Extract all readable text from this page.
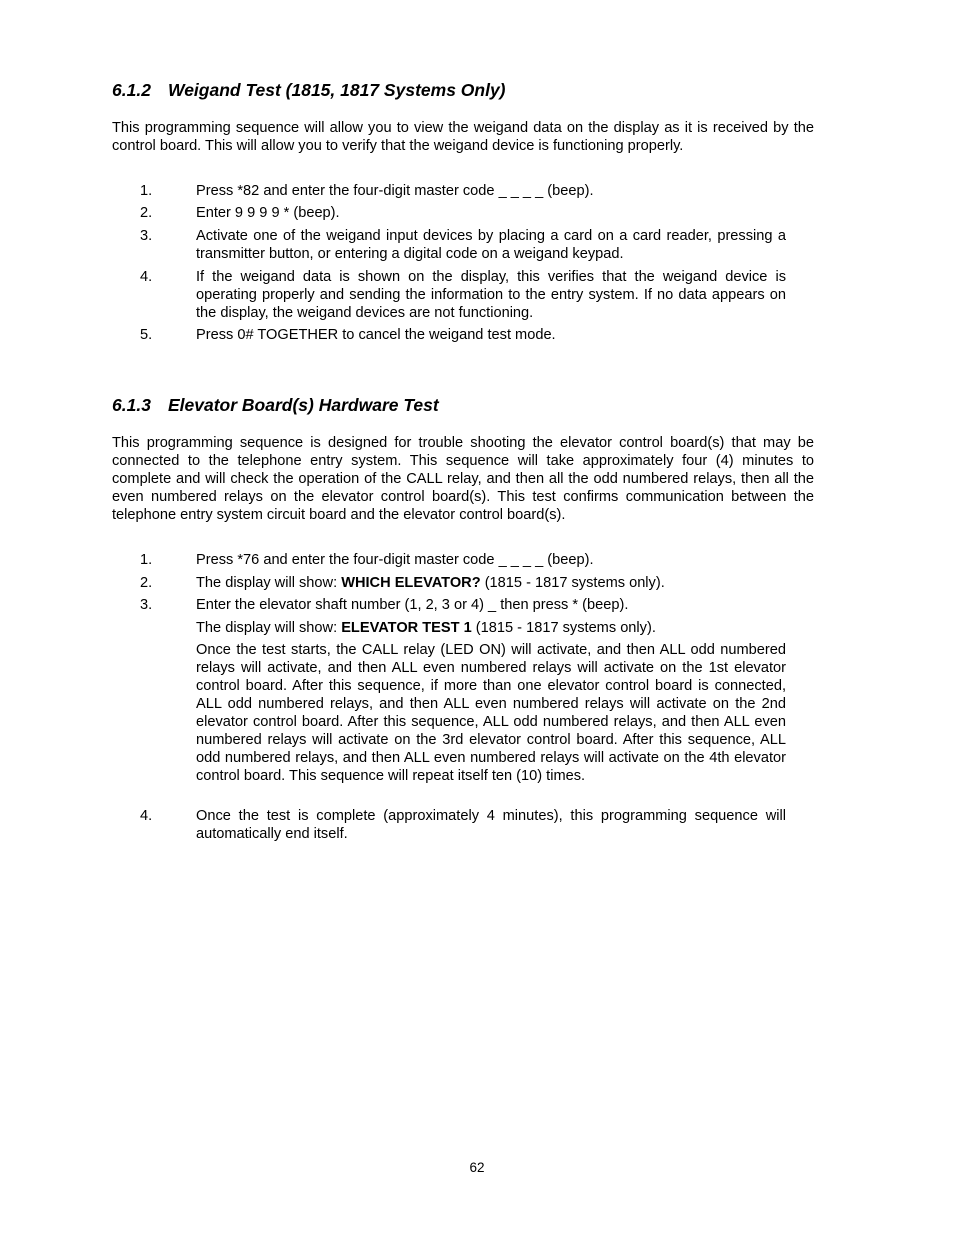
6.1.2 Weigand Test (1815, 1817 Systems Only)

This programming sequence will allow you to view the weigand data on the display as it is received by the control board. This will allow you to verify that the weigand device is functioning properly.

1.	Press *82 and enter the four-digit master code _ _ _ _ (beep).
2.	Enter 9 9 9 9 * (beep).
3.	Activate one of the weigand input devices by placing a card on a card reader, pressing a transmitter button, or entering a digital code on a weigand keypad.
4.	If the weigand data is shown on the display, this verifies that the weigand device is operating properly and sending the information to the entry system. If no data appears on the display, the weigand devices are not functioning.
5.	Press 0# TOGETHER to cancel the weigand test mode.
6.1.3 Elevator Board(s) Hardware Test

This programming sequence is designed for trouble shooting the elevator control board(s) that may be connected to the telephone entry system. This sequence will take approximately four (4) minutes to complete and will check the operation of the CALL relay, and then all the odd numbered relays, then all the even numbered relays on the elevator control board(s). This test confirms communication between the telephone entry system circuit board and the elevator control board(s).

1.	Press *76 and enter the four-digit master code _ _ _ _ (beep).
2.	The display will show: WHICH ELEVATOR? (1815 - 1817 systems only).
3.	Enter the elevator shaft number (1, 2, 3 or 4) _ then press * (beep).
The display will show: ELEVATOR TEST 1 (1815 - 1817 systems only).
Once the test starts, the CALL relay (LED ON) will activate, and then ALL odd numbered relays will activate, and then ALL even numbered relays will activate on the 1st elevator control board. After this sequence, if more than one elevator control board is connected, ALL odd numbered relays, and then ALL even numbered relays will activate on the 2nd elevator control board. After this sequence, ALL odd numbered relays, and then ALL even numbered relays will activate on the 3rd elevator control board. After this sequence, ALL odd numbered relays, and then ALL even numbered relays will activate on the 4th elevator control board. This sequence will repeat itself ten (10) times.
4.	Once the test is complete (approximately 4 minutes), this programming sequence will automatically end itself.
62
